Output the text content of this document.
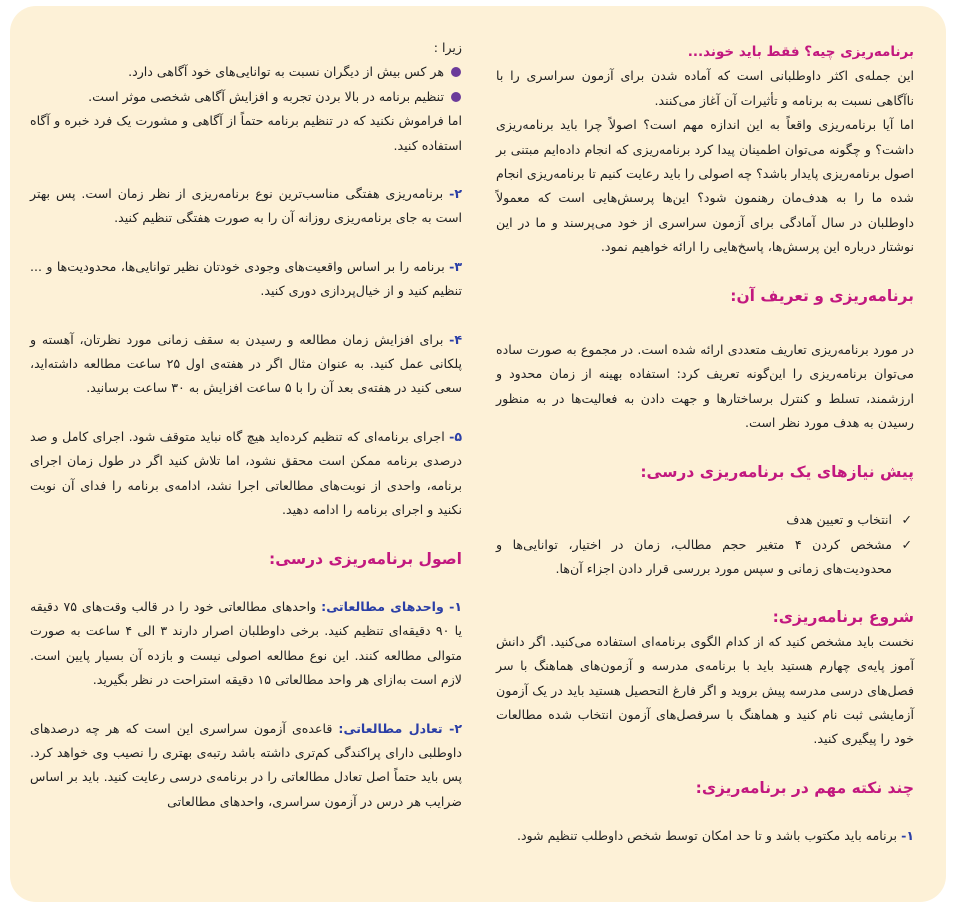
برنامه‌ریزی چیه؟ فقط باید خوند...

این جمله‌ی اکثر داوطلبانی است که آماده شدن برای آزمون سراسری را با ناآگاهی نسبت به برنامه و تأثیرات آن آغاز می‌کنند.

اما آیا برنامه‌ریزی واقعاً به این اندازه مهم است؟ اصولاً چرا باید برنامه‌ریزی داشت؟ و چگونه می‌توان اطمینان پیدا کرد برنامه‌ریزی که انجام داده‌ایم مبتنی بر اصول برنامه‌ریزی پایدار باشد؟ چه اصولی را باید رعایت کنیم تا برنامه‌ریزی انجام شده ما را به هدف‌مان رهنمون شود؟ این‌ها پرسش‌هایی است که معمولاً داوطلبان در سال آمادگی برای آزمون سراسری از خود می‌پرسند و ما در این نوشتار درباره این پرسش‌ها، پاسخ‌هایی را ارائه خواهیم نمود.

برنامه‌ریزی و تعریف آن:

در مورد برنامه‌ریزی تعاریف متعددی ارائه شده است. در مجموع به صورت ساده می‌توان برنامه‌ریزی را این‌گونه تعریف کرد: استفاده بهینه از زمان محدود و ارزشمند، تسلط و کنترل برساختارها و جهت دادن به فعالیت‌ها در به منظور رسیدن به هدف مورد نظر است.

پیش نیازهای یک برنامه‌ریزی درسی:

✓
انتخاب و تعیین هدف
✓
مشخص کردن ۴ متغیر حجم مطالب، زمان در اختیار، توانایی‌ها و محدودیت‌های زمانی و سپس مورد بررسی قرار دادن اجزاء آن‌ها.

شروع برنامه‌ریزی:

نخست باید مشخص کنید که از کدام الگوی برنامه‌ای استفاده می‌کنید. اگر دانش آموز پایه‌ی چهارم هستید باید با برنامه‌ی مدرسه و آزمون‌های هماهنگ با سر فصل‌های درسی مدرسه پیش بروید و اگر فارغ التحصیل هستید باید در یک آزمون آزمایشی ثبت نام کنید و هماهنگ با سرفصل‌های آزمون انتخاب شده مطالعات خود را پیگیری کنید.

چند نکته مهم در برنامه‌ریزی:

۱- برنامه باید مکتوب باشد و تا حد امکان توسط شخص داوطلب تنظیم شود.

زیرا :

هر کس بیش از دیگران نسبت به توانایی‌های خود آگاهی دارد.
تنظیم برنامه در بالا بردن تجربه و افزایش آگاهی شخصی موثر است.

اما فراموش نکنید که در تنظیم برنامه حتماً از آگاهی و مشورت یک فرد خبره و آگاه استفاده کنید.

۲- برنامه‌ریزی هفتگی مناسب‌ترین نوع برنامه‌ریزی از نظر زمان است. پس بهتر است به جای برنامه‌ریزی روزانه آن را به صورت هفتگی تنظیم کنید.

۳- برنامه را بر اساس واقعیت‌های وجودی خودتان نظیر توانایی‌ها، محدودیت‌ها و ... تنظیم کنید و از خیال‌پردازی دوری کنید.

۴- برای افزایش زمان مطالعه و رسیدن به سقف زمانی مورد نظرتان، آهسته و پلکانی عمل کنید. به عنوان مثال اگر در هفته‌ی اول ۲۵ ساعت مطالعه داشته‌اید، سعی کنید در هفته‌ی بعد آن را با ۵ ساعت افزایش به ۳۰ ساعت برسانید.

۵- اجرای برنامه‌ای که تنظیم کرده‌اید هیچ گاه نباید متوقف شود. اجرای کامل و صد درصدی برنامه ممکن است محقق نشود، اما تلاش کنید اگر در طول زمان اجرای برنامه، واحدی از نوبت‌های مطالعاتی اجرا نشد، ادامه‌ی برنامه را فدای آن نوبت نکنید و اجرای برنامه را ادامه دهید.

اصول برنامه‌ریزی درسی:

۱- واحدهای مطالعاتی: واحدهای مطالعاتی خود را در قالب وقت‌های ۷۵ دقیقه یا ۹۰ دقیقه‌ای تنظیم کنید. برخی داوطلبان اصرار دارند ۳ الی ۴ ساعت به صورت متوالی مطالعه کنند. این نوع مطالعه اصولی نیست و بازده آن بسیار پایین است. لازم است به‌ازای هر واحد مطالعاتی ۱۵ دقیقه استراحت در نظر بگیرید.

۲- تعادل مطالعاتی: قاعده‌ی آزمون سراسری این است که هر چه درصدهای داوطلبی دارای پراکندگی کم‌تری داشته باشد رتبه‌ی بهتری را نصیب وی خواهد کرد. پس باید حتماً اصل تعادل مطالعاتی را در برنامه‌ی درسی رعایت کنید. باید بر اساس ضرایب هر درس در آزمون سراسری، واحدهای مطالعاتی
